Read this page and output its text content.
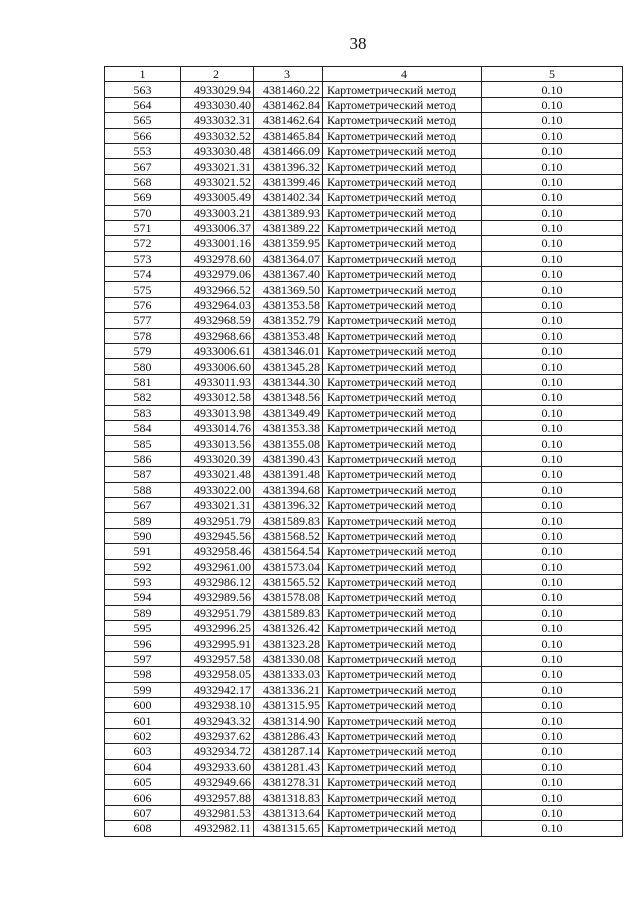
38
1	2	3	4	5
563	4933029.94	4381460.22	Картометрический метод	0.10
564	4933030.40	4381462.84	Картометрический метод	0.10
565	4933032.31	4381462.64	Картометрический метод	0.10
566	4933032.52	4381465.84	Картометрический метод	0.10
553	4933030.48	4381466.09	Картометрический метод	0.10
567	4933021.31	4381396.32	Картометрический метод	0.10
568	4933021.52	4381399.46	Картометрический метод	0.10
569	4933005.49	4381402.34	Картометрический метод	0.10
570	4933003.21	4381389.93	Картометрический метод	0.10
571	4933006.37	4381389.22	Картометрический метод	0.10
572	4933001.16	4381359.95	Картометрический метод	0.10
573	4932978.60	4381364.07	Картометрический метод	0.10
574	4932979.06	4381367.40	Картометрический метод	0.10
575	4932966.52	4381369.50	Картометрический метод	0.10
576	4932964.03	4381353.58	Картометрический метод	0.10
577	4932968.59	4381352.79	Картометрический метод	0.10
578	4932968.66	4381353.48	Картометрический метод	0.10
579	4933006.61	4381346.01	Картометрический метод	0.10
580	4933006.60	4381345.28	Картометрический метод	0.10
581	4933011.93	4381344.30	Картометрический метод	0.10
582	4933012.58	4381348.56	Картометрический метод	0.10
583	4933013.98	4381349.49	Картометрический метод	0.10
584	4933014.76	4381353.38	Картометрический метод	0.10
585	4933013.56	4381355.08	Картометрический метод	0.10
586	4933020.39	4381390.43	Картометрический метод	0.10
587	4933021.48	4381391.48	Картометрический метод	0.10
588	4933022.00	4381394.68	Картометрический метод	0.10
567	4933021.31	4381396.32	Картометрический метод	0.10
589	4932951.79	4381589.83	Картометрический метод	0.10
590	4932945.56	4381568.52	Картометрический метод	0.10
591	4932958.46	4381564.54	Картометрический метод	0.10
592	4932961.00	4381573.04	Картометрический метод	0.10
593	4932986.12	4381565.52	Картометрический метод	0.10
594	4932989.56	4381578.08	Картометрический метод	0.10
589	4932951.79	4381589.83	Картометрический метод	0.10
595	4932996.25	4381326.42	Картометрический метод	0.10
596	4932995.91	4381323.28	Картометрический метод	0.10
597	4932957.58	4381330.08	Картометрический метод	0.10
598	4932958.05	4381333.03	Картометрический метод	0.10
599	4932942.17	4381336.21	Картометрический метод	0.10
600	4932938.10	4381315.95	Картометрический метод	0.10
601	4932943.32	4381314.90	Картометрический метод	0.10
602	4932937.62	4381286.43	Картометрический метод	0.10
603	4932934.72	4381287.14	Картометрический метод	0.10
604	4932933.60	4381281.43	Картометрический метод	0.10
605	4932949.66	4381278.31	Картометрический метод	0.10
606	4932957.88	4381318.83	Картометрический метод	0.10
607	4932981.53	4381313.64	Картометрический метод	0.10
608	4932982.11	4381315.65	Картометрический метод	0.10
